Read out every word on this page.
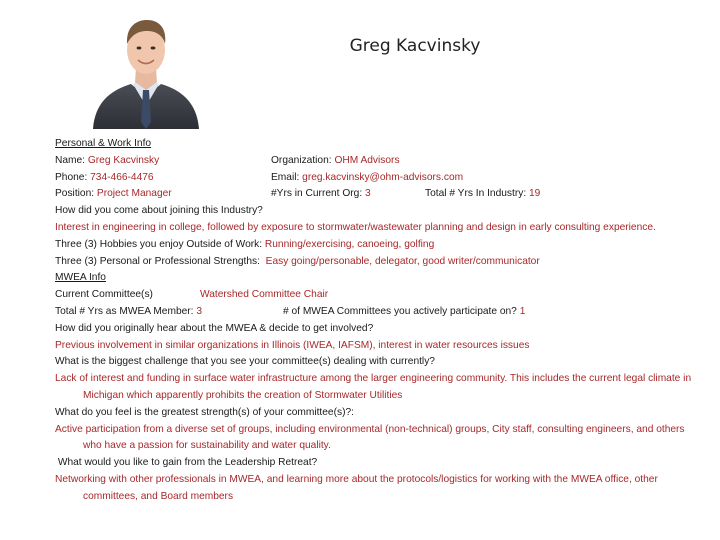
Greg Kacvinsky
Personal & Work Info
Name: Greg Kacvinsky	Organization: OHM Advisors
Phone: 734-466-4476	Email: greg.kacvinsky@ohm-advisors.com
Position: Project Manager	#Yrs in Current Org: 3	Total # Yrs In Industry: 19
How did you come about joining this Industry?
Interest in engineering in college, followed by exposure to stormwater/wastewater planning and design in early consulting experience.
Three (3) Hobbies you enjoy Outside of Work: Running/exercising, canoeing, golfing
Three (3) Personal or Professional Strengths: Easy going/personable, delegator, good writer/communicator
MWEA Info
Current Committee(s)	Watershed Committee Chair
Total # Yrs as MWEA Member: 3	# of MWEA Committees you actively participate on? 1
How did you originally hear about the MWEA & decide to get involved?
Previous involvement in similar organizations in Illinois (IWEA, IAFSM), interest in water resources issues
What is the biggest challenge that you see your committee(s) dealing with currently?
Lack of interest and funding in surface water infrastructure among the larger engineering community. This includes the current legal climate in Michigan which apparently prohibits the creation of Stormwater Utilities
What do you feel is the greatest strength(s) of your committee(s)?:
Active participation from a diverse set of groups, including environmental (non-technical) groups, City staff, consulting engineers, and others who have a passion for sustainability and water quality.
What would you like to gain from the Leadership Retreat?
Networking with other professionals in MWEA, and learning more about the protocols/logistics for working with the MWEA office, other committees, and Board members
